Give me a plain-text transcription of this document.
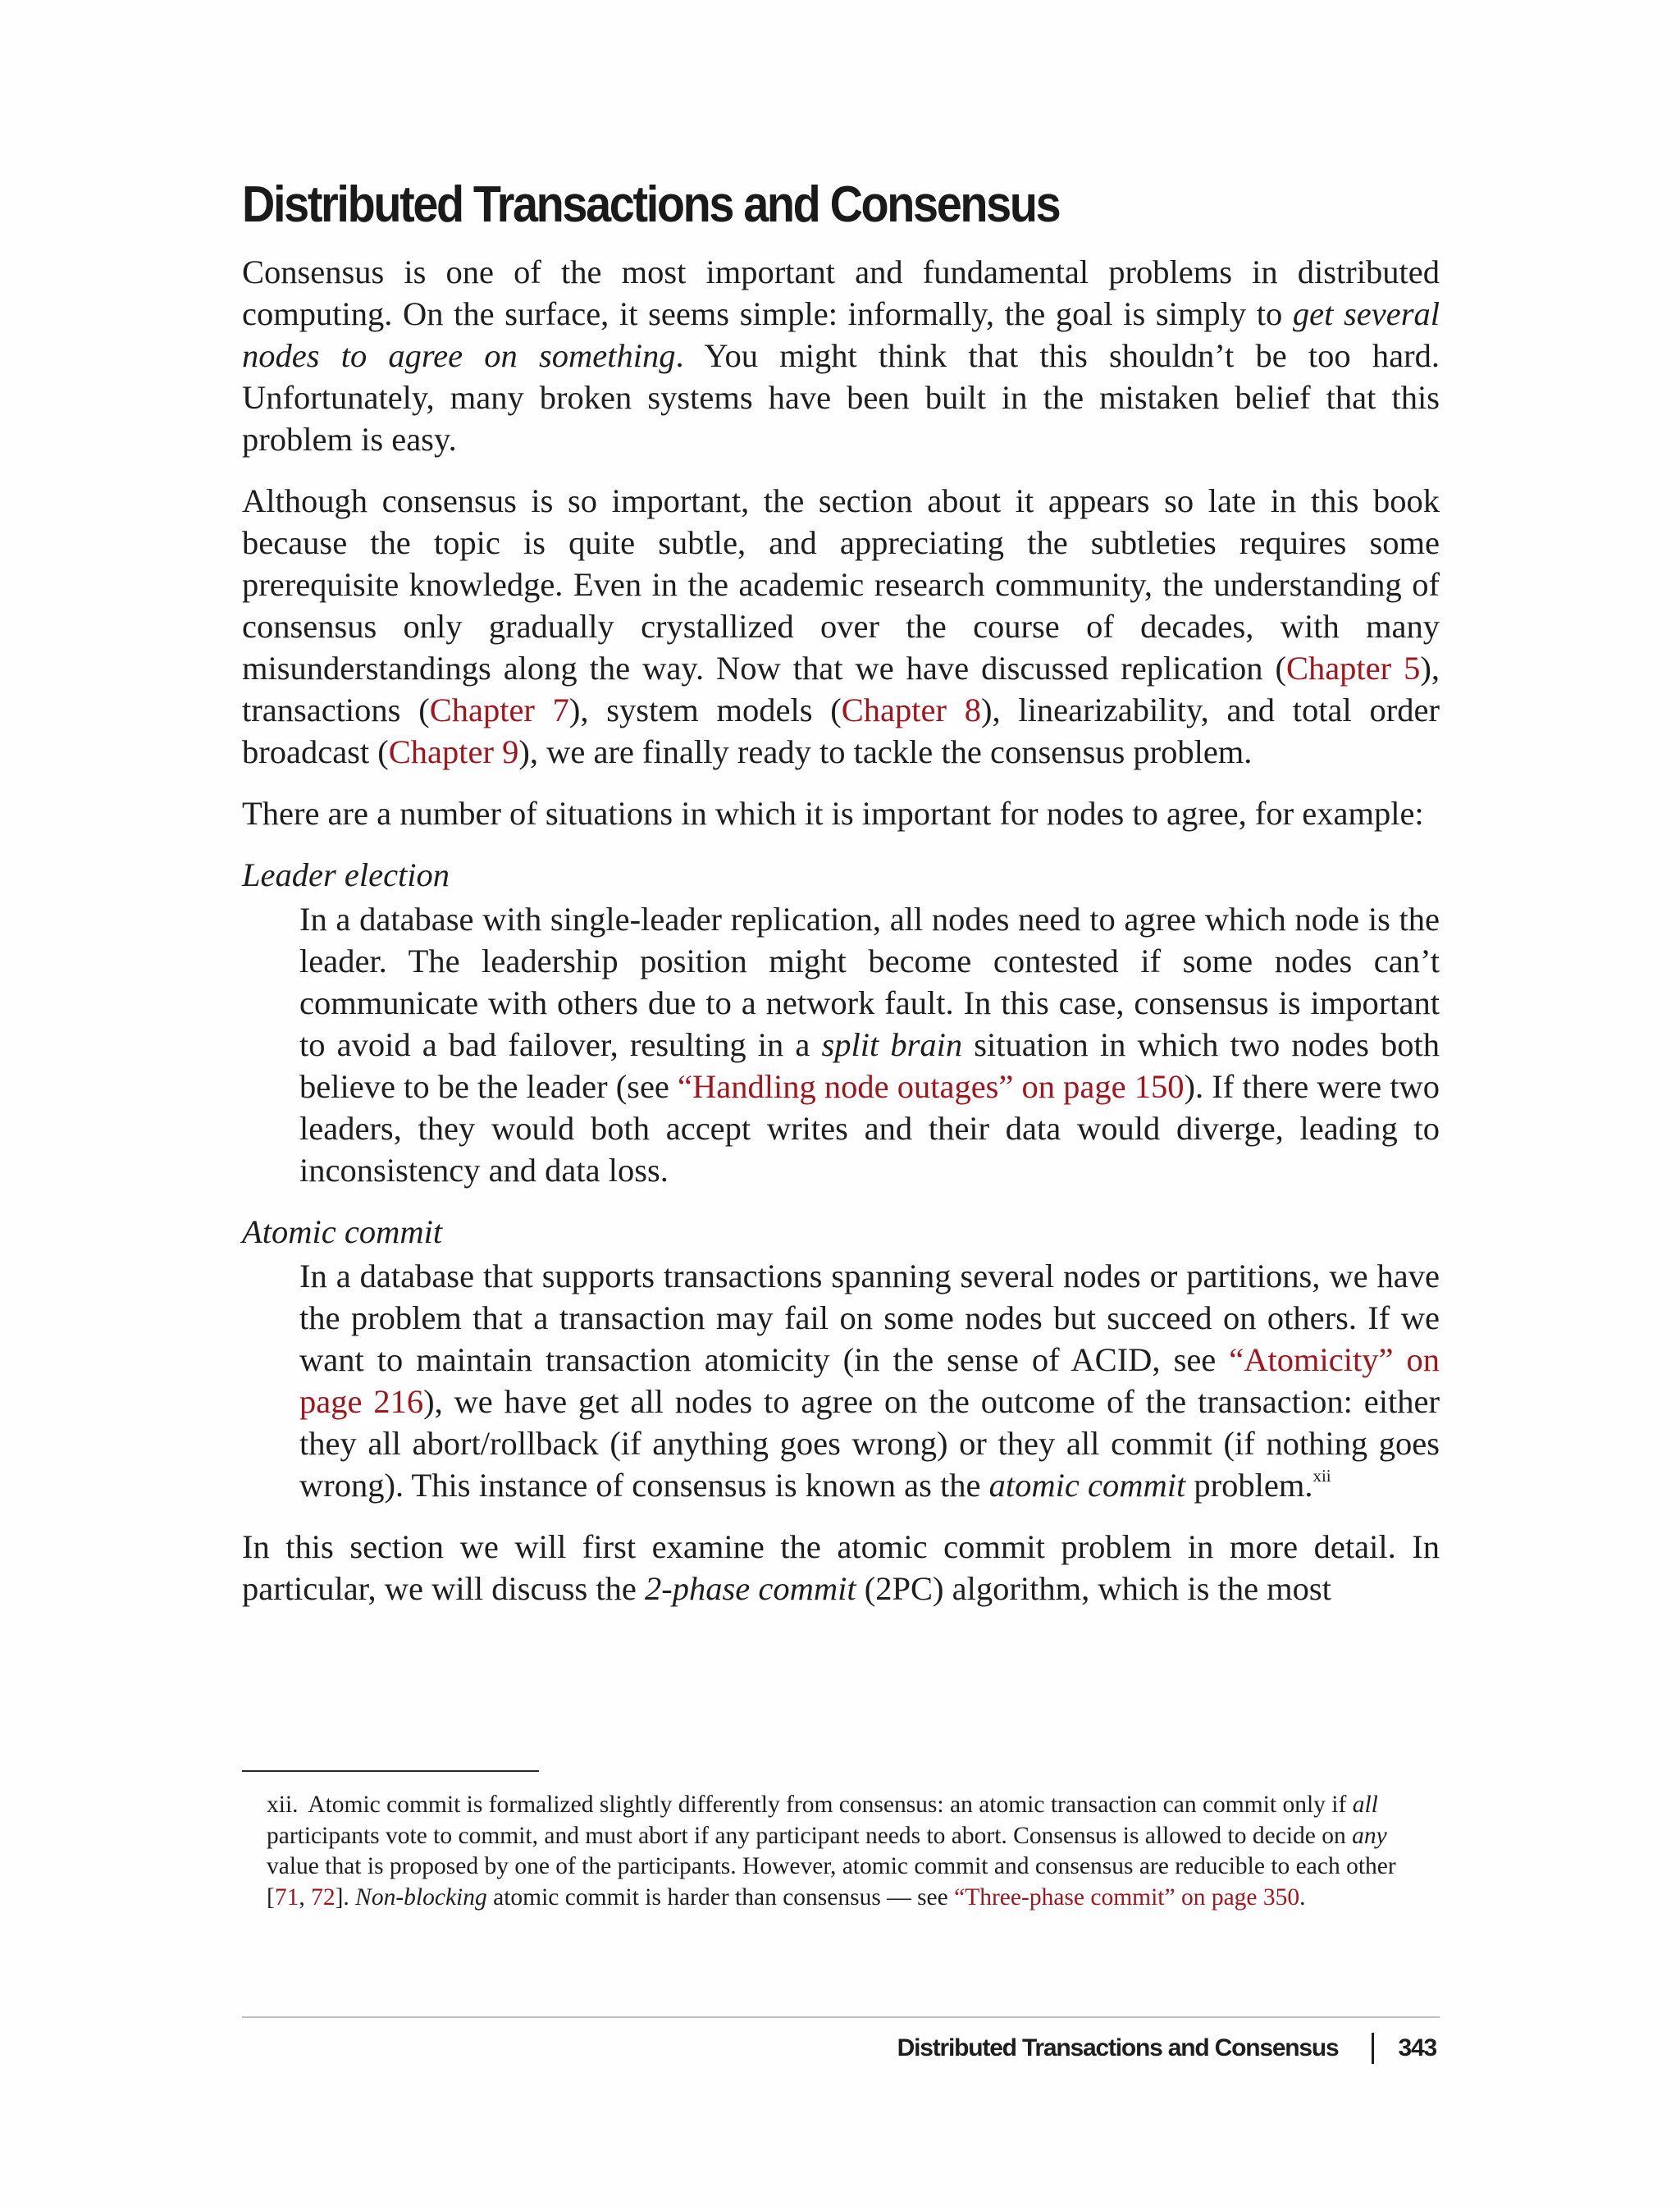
Distributed Transactions and Consensus

Consensus is one of the most important and fundamental problems in distributed computing. On the surface, it seems simple: informally, the goal is simply to get several nodes to agree on something. You might think that this shouldn’t be too hard. Unfortunately, many broken systems have been built in the mistaken belief that this problem is easy.

Although consensus is so important, the section about it appears so late in this book because the topic is quite subtle, and appreciating the subtleties requires some prerequisite knowledge. Even in the academic research community, the understanding of consensus only gradually crystallized over the course of decades, with many misunderstandings along the way. Now that we have discussed replication (Chapter 5), transactions (Chapter 7), system models (Chapter 8), linearizability, and total order broadcast (Chapter 9), we are finally ready to tackle the consensus problem.

There are a number of situations in which it is important for nodes to agree, for example:

Leader election
In a database with single-leader replication, all nodes need to agree which node is the leader. The leadership position might become contested if some nodes can’t communicate with others due to a network fault. In this case, consensus is important to avoid a bad failover, resulting in a split brain situation in which two nodes both believe to be the leader (see “Handling node outages” on page 150). If there were two leaders, they would both accept writes and their data would diverge, leading to inconsistency and data loss.
Atomic commit
In a database that supports transactions spanning several nodes or partitions, we have the problem that a transaction may fail on some nodes but succeed on others. If we want to maintain transaction atomicity (in the sense of ACID, see “Atomicity” on page 216), we have get all nodes to agree on the outcome of the transaction: either they all abort/rollback (if anything goes wrong) or they all commit (if nothing goes wrong). This instance of consensus is known as the atomic commit problem.$^{xii}$

In this section we will first examine the atomic commit problem in more detail. In particular, we will discuss the 2-phase commit (2PC) algorithm, which is the most

xii. Atomic commit is formalized slightly differently from consensus: an atomic transaction can commit only if all participants vote to commit, and must abort if any participant needs to abort. Consensus is allowed to decide on any value that is proposed by one of the participants. However, atomic commit and consensus are reducible to each other [71, 72]. Non-blocking atomic commit is harder than consensus — see “Three-phase commit” on page 350.
Distributed Transactions and Consensus 343
